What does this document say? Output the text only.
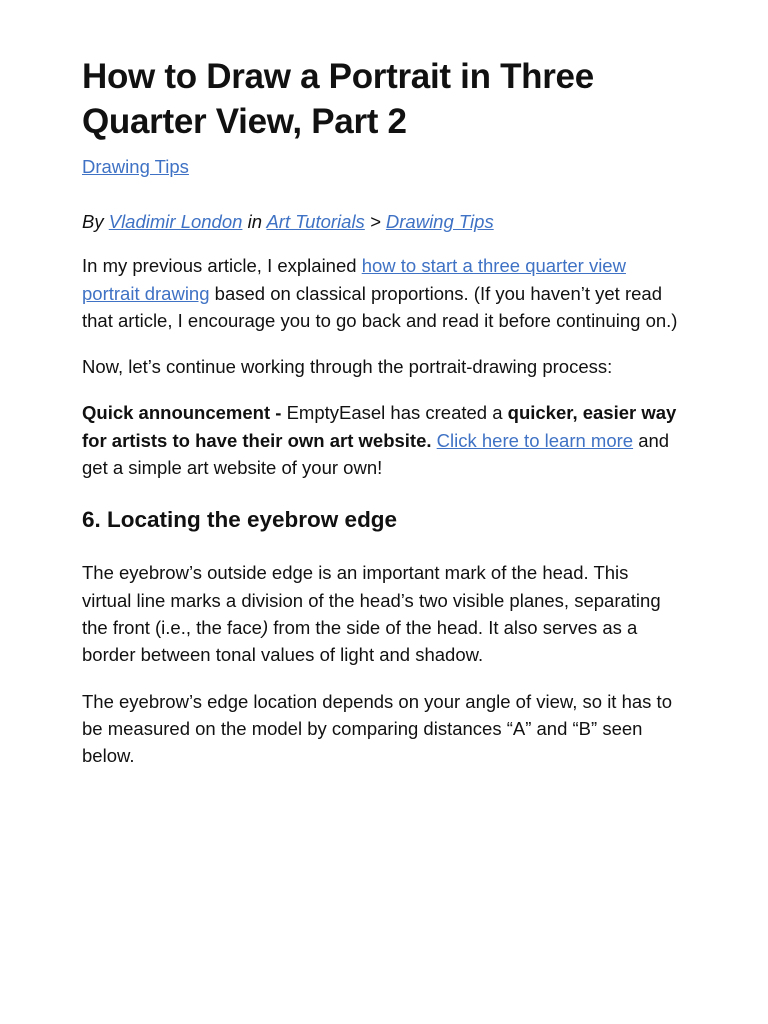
How to Draw a Portrait in Three Quarter View, Part 2
Drawing Tips

By Vladimir London in Art Tutorials > Drawing Tips

In my previous article, I explained how to start a three quarter view portrait drawing based on classical proportions. (If you haven’t yet read that article, I encourage you to go back and read it before continuing on.)

Now, let’s continue working through the portrait-drawing process:

Quick announcement - EmptyEasel has created a quicker, easier way for artists to have their own art website. Click here to learn more and get a simple art website of your own!

6. Locating the eyebrow edge

The eyebrow’s outside edge is an important mark of the head. This virtual line marks a division of the head’s two visible planes, separating the front (i.e., the face) from the side of the head. It also serves as a border between tonal values of light and shadow.

The eyebrow’s edge location depends on your angle of view, so it has to be measured on the model by comparing distances “A” and “B” seen below.
